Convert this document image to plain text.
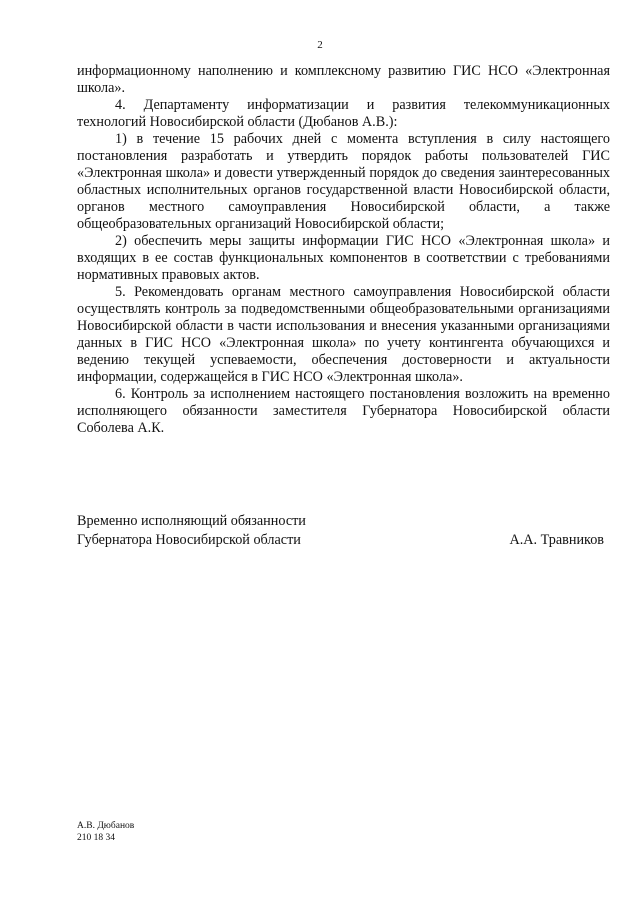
2

информационному наполнению и комплексному развитию ГИС НСО «Электронная школа».

4. Департаменту информатизации и развития телекоммуникационных технологий Новосибирской области (Дюбанов А.В.):

1) в течение 15 рабочих дней с момента вступления в силу настоящего постановления разработать и утвердить порядок работы пользователей ГИС «Электронная школа» и довести утвержденный порядок до сведения заинтересованных областных исполнительных органов государственной власти Новосибирской области, органов местного самоуправления Новосибирской области, а также общеобразовательных организаций Новосибирской области;

2) обеспечить меры защиты информации ГИС НСО «Электронная школа» и входящих в ее состав функциональных компонентов в соответствии с требованиями нормативных правовых актов.

5. Рекомендовать органам местного самоуправления Новосибирской области осуществлять контроль за подведомственными общеобразовательными организациями Новосибирской области в части использования и внесения указанными организациями данных в ГИС НСО «Электронная школа» по учету контингента обучающихся и ведению текущей успеваемости, обеспечения достоверности и актуальности информации, содержащейся в ГИС НСО «Электронная школа».

6. Контроль за исполнением настоящего постановления возложить на временно исполняющего обязанности заместителя Губернатора Новосибирской области Соболева А.К.

Временно исполняющий обязанности
Губернатора Новосибирской области	А.А. Травников
А.В. Дюбанов
210 18 34
